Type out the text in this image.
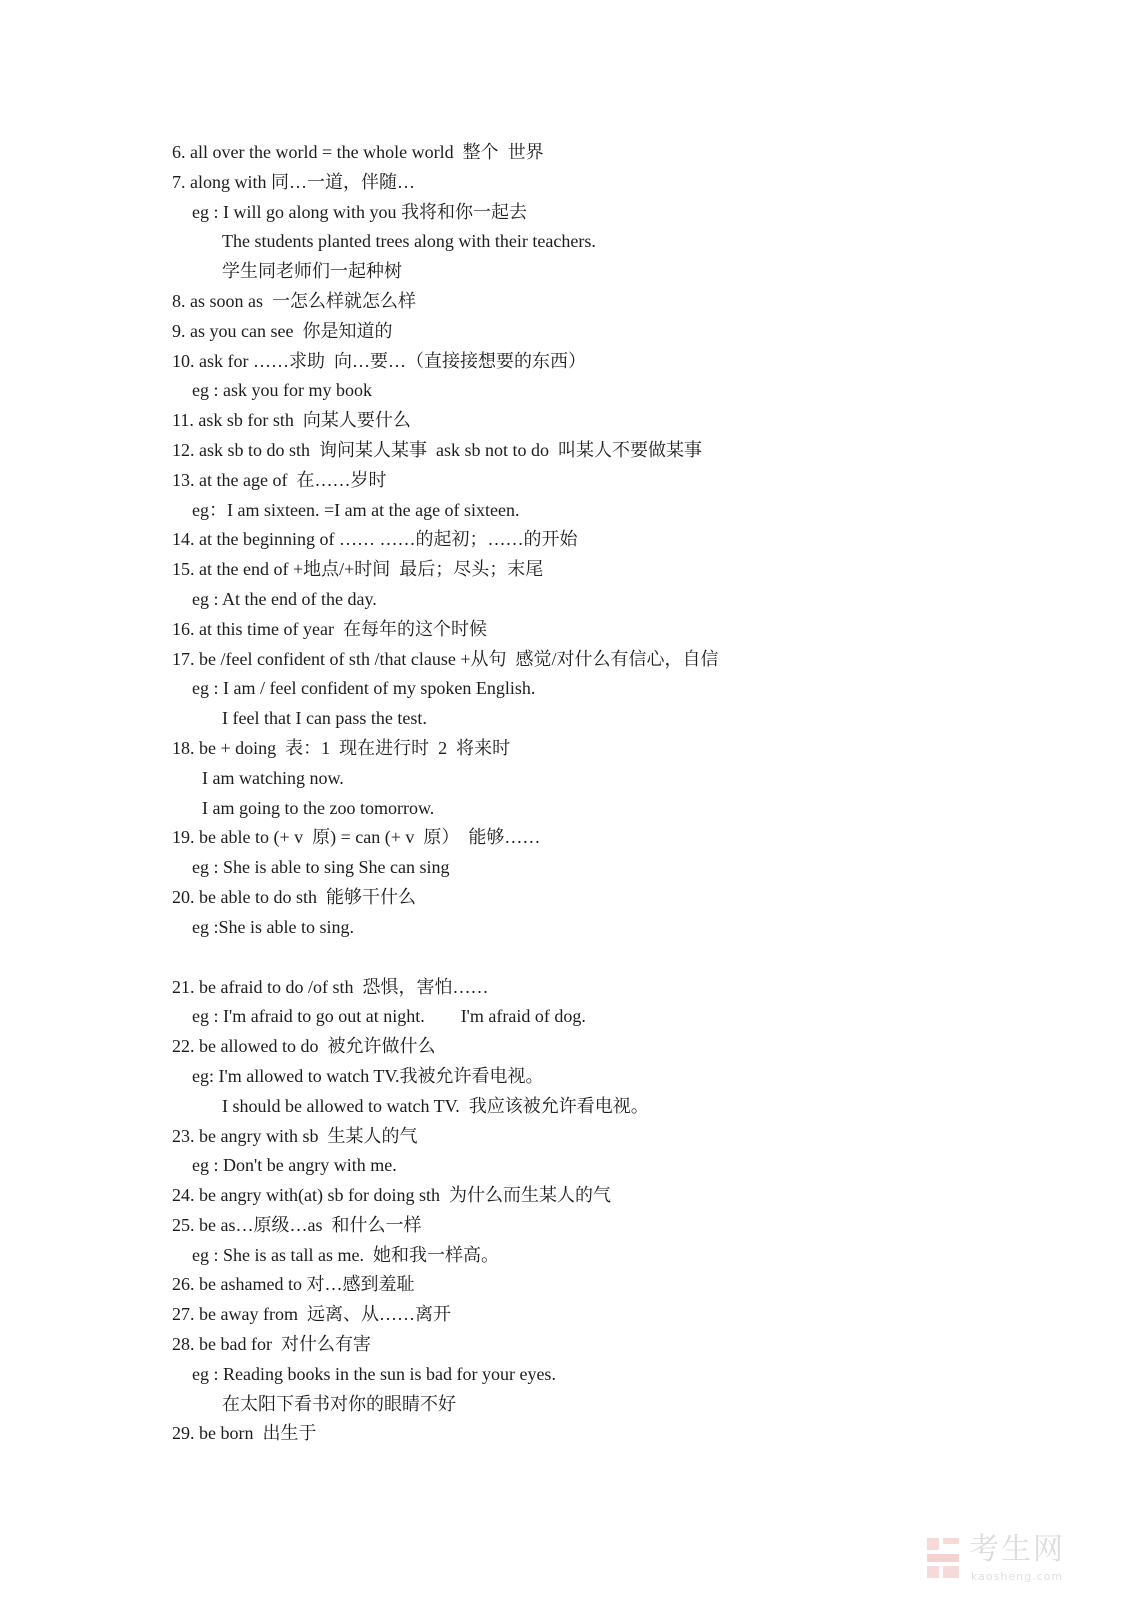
6. all over the world = the whole world  整个  世界
7. along with 同…一道，伴随…
eg : I will go along with you 我将和你一起去
The students planted trees along with their teachers.
学生同老师们一起种树
8. as soon as  一怎么样就怎么样
9. as you can see  你是知道的
10. ask for ……求助  向…要…（直接接想要的东西）
eg : ask you for my book
11. ask sb for sth  向某人要什么
12. ask sb to do sth  询问某人某事  ask sb not to do  叫某人不要做某事
13. at the age of  在……岁时
eg：I am sixteen. =I am at the age of sixteen.
14. at the beginning of …… ……的起初；……的开始
15. at the end of +地点/+时间  最后；尽头；末尾
eg : At the end of the day.
16. at this time of year  在每年的这个时候
17. be /feel confident of sth /that clause +从句  感觉/对什么有信心，自信
eg : I am / feel confident of my spoken English.
I feel that I can pass the test.
18. be + doing  表：1  现在进行时  2  将来时
I am watching now.
I am going to the zoo tomorrow.
19. be able to (+ v  原) = can (+ v  原）  能够……
eg : She is able to sing She can sing
20. be able to do sth  能够干什么
eg :She is able to sing.
21. be afraid to do /of sth  恐惧，害怕……
eg : I'm afraid to go out at night.        I'm afraid of dog.
22. be allowed to do  被允许做什么
eg: I'm allowed to watch TV.我被允许看电视。
I should be allowed to watch TV.  我应该被允许看电视。
23. be angry with sb  生某人的气
eg : Don't be angry with me.
24. be angry with(at) sb for doing sth  为什么而生某人的气
25. be as…原级…as  和什么一样
eg : She is as tall as me.  她和我一样高。
26. be ashamed to 对…感到羞耻
27. be away from  远离、从……离开
28. be bad for  对什么有害
eg : Reading books in the sun is bad for your eyes.
在太阳下看书对你的眼睛不好
29. be born  出生于
考生网
kaosheng.com
